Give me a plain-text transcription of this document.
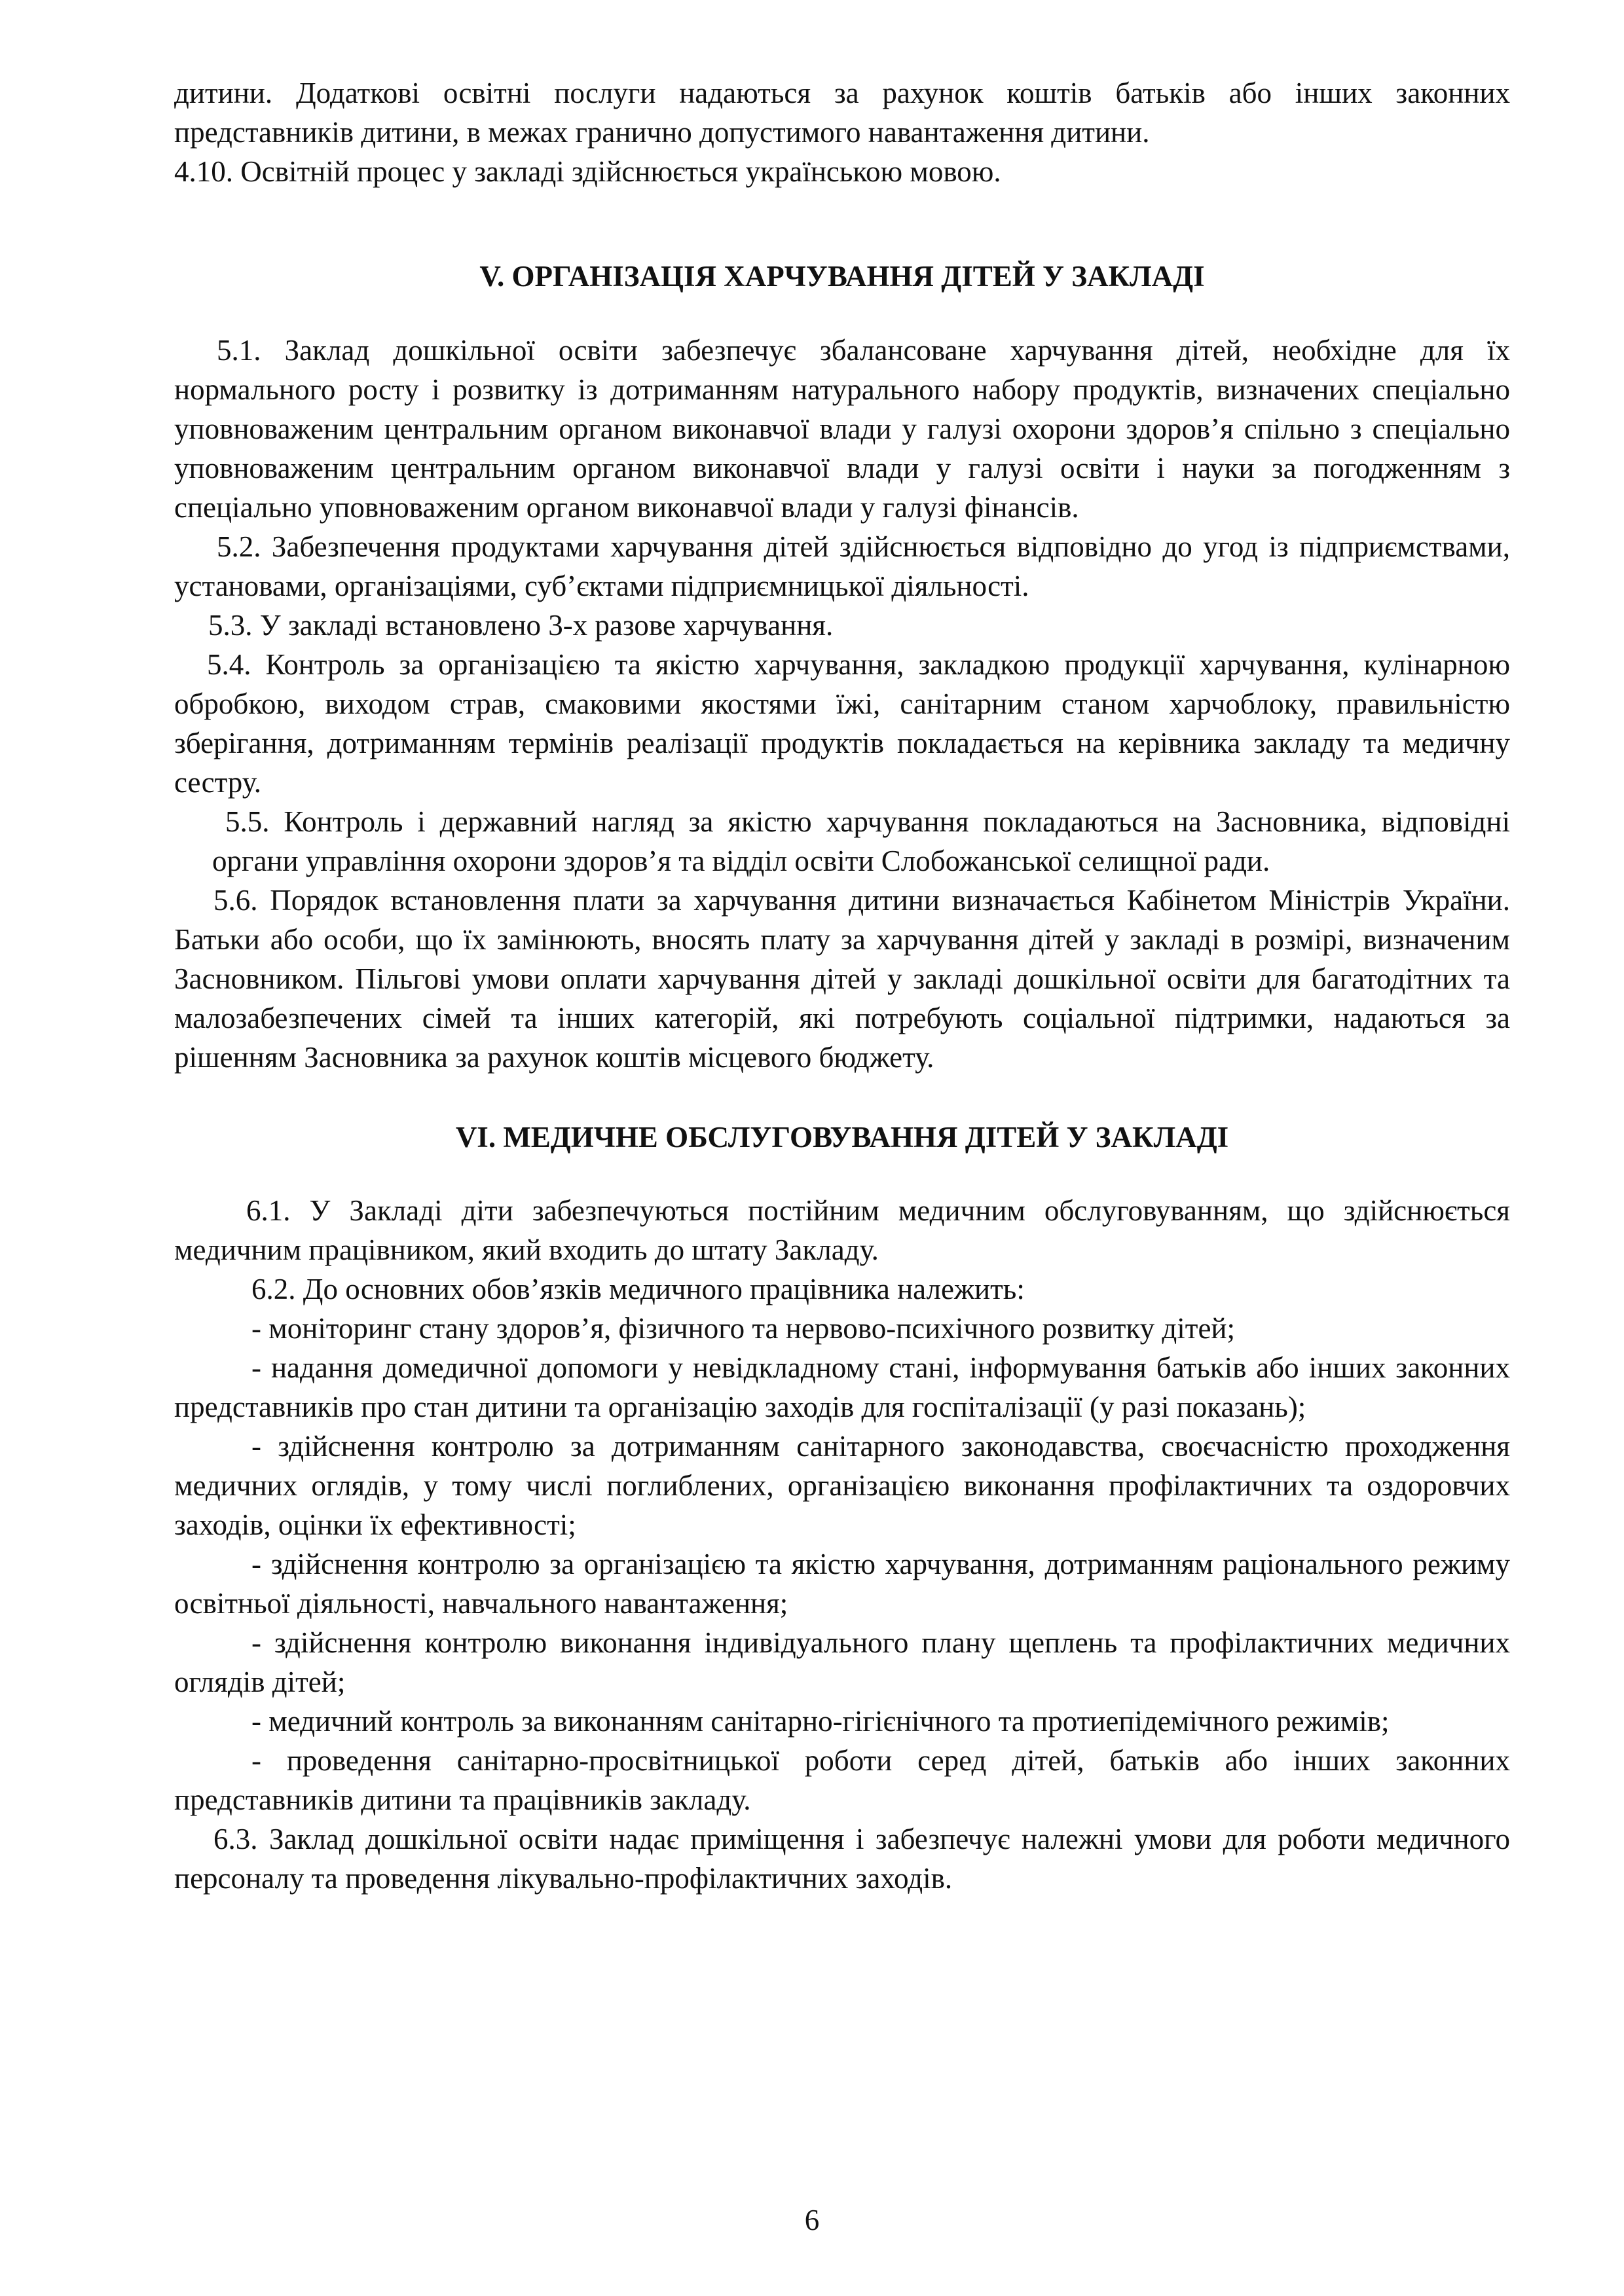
дитини. Додаткові освітні послуги надаються за рахунок коштів батьків або інших законних представників дитини, в межах гранично допустимого навантаження дитини.

4.10. Освітній процес у закладі здійснюється українською мовою.

V. ОРГАНІЗАЦІЯ ХАРЧУВАННЯ ДІТЕЙ У ЗАКЛАДІ

5.1. Заклад дошкільної освіти забезпечує збалансоване харчування дітей, необхідне для їх нормального росту і розвитку із дотриманням натурального набору продуктів, визначених спеціально уповноваженим центральним органом виконавчої влади у галузі охорони здоров’я спільно з спеціально уповноваженим центральним органом виконавчої влади у галузі освіти і науки за погодженням з спеціально уповноваженим органом виконавчої влади у галузі фінансів.

5.2. Забезпечення продуктами харчування дітей здійснюється відповідно до угод із підприємствами, установами, організаціями, суб’єктами підприємницької діяльності.

5.3. У закладі встановлено 3-х разове харчування.

5.4. Контроль за організацією та якістю харчування, закладкою продукції харчування, кулінарною обробкою, виходом страв, смаковими якостями їжі, санітарним станом харчоблоку, правильністю зберігання, дотриманням термінів реалізації продуктів покладається на керівника закладу та медичну сестру.

5.5. Контроль і державний нагляд за якістю харчування покладаються на Засновника, відповідні органи управління охорони здоров’я та відділ освіти Слобожанської селищної ради.

5.6. Порядок встановлення плати за харчування дитини визначається Кабінетом Міністрів України. Батьки або особи, що їх замінюють, вносять плату за харчування дітей у закладі в розмірі, визначеним Засновником. Пільгові умови оплати харчування дітей у закладі дошкільної освіти для багатодітних та малозабезпечених сімей та інших категорій, які потребують соціальної підтримки, надаються за рішенням Засновника за рахунок коштів місцевого бюджету.

VI. МЕДИЧНЕ ОБСЛУГОВУВАННЯ ДІТЕЙ У ЗАКЛАДІ

6.1. У Закладі діти забезпечуються постійним медичним обслуговуванням, що здійснюється медичним працівником, який входить до штату Закладу.

6.2. До основних обов’язків медичного працівника належить:

- моніторинг стану здоров’я, фізичного та нервово-психічного розвитку дітей;

- надання домедичної допомоги у невідкладному стані, інформування батьків або інших законних представників про стан дитини та організацію заходів для госпіталізації (у разі показань);

- здійснення контролю за дотриманням санітарного законодавства, своєчасністю проходження медичних оглядів, у тому числі поглиблених, організацією виконання профілактичних та оздоровчих заходів, оцінки їх ефективності;

- здійснення контролю за організацією та якістю харчування, дотриманням раціонального режиму освітньої діяльності, навчального навантаження;

- здійснення контролю виконання індивідуального плану щеплень та профілактичних медичних оглядів дітей;

- медичний контроль за виконанням санітарно-гігієнічного та протиепідемічного режимів;

- проведення санітарно-просвітницької роботи серед дітей, батьків або інших законних представників дитини та працівників закладу.

6.3. Заклад дошкільної освіти надає приміщення і забезпечує належні умови для роботи медичного персоналу та проведення лікувально-профілактичних заходів.

6
